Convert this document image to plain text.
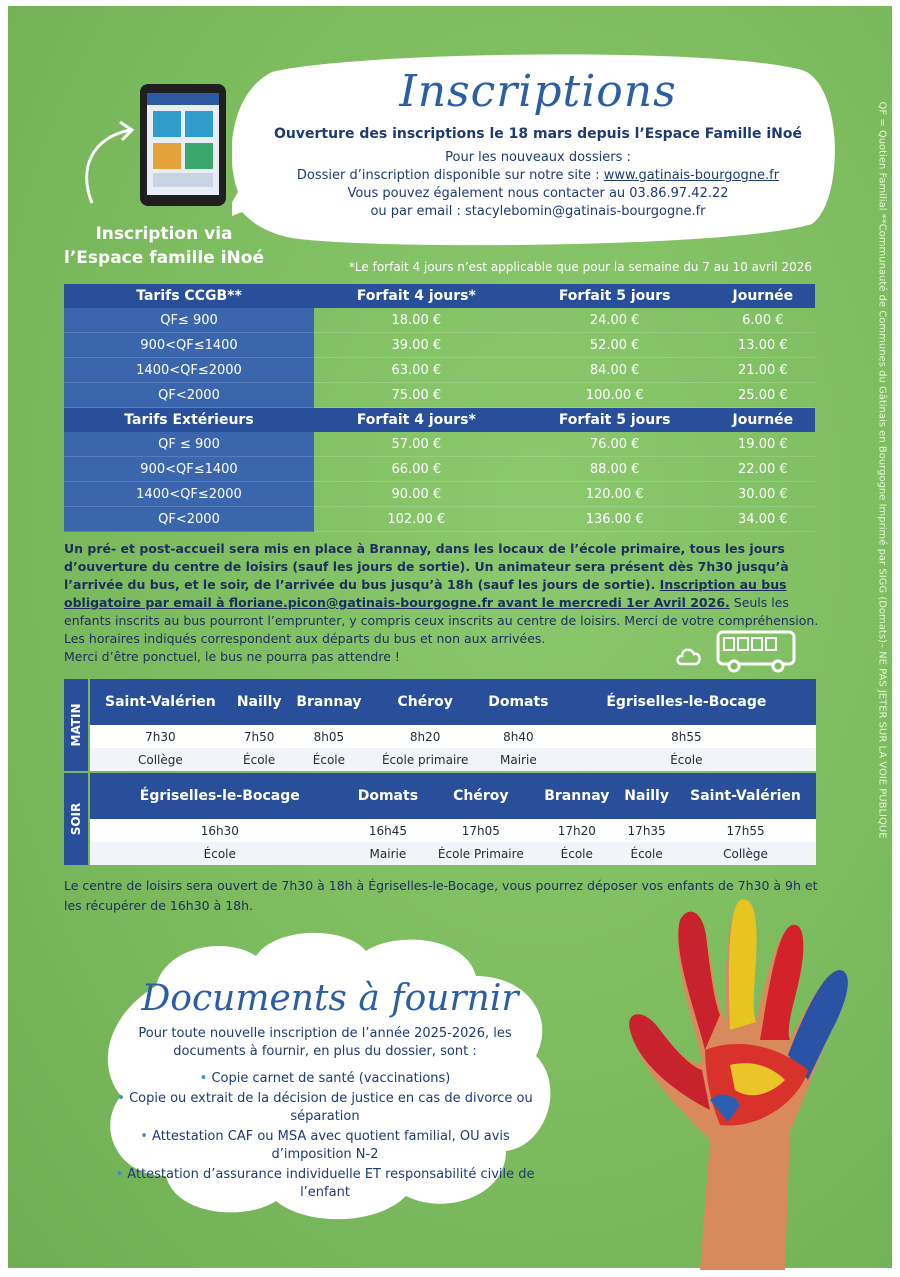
QF = Quotien Familial **Communauté de Communes du Gâtinais en Bourgogne Imprimé par SIGG (Domats)– NE PAS JETER SUR LA VOIE PUBLIQUE
Inscriptions
Ouverture des inscriptions le 18 mars depuis l’Espace Famille iNoé
Pour les nouveaux dossiers :
Dossier d’inscription disponible sur notre site : www.gatinais-bourgogne.fr
Vous pouvez également nous contacter au 03.86.97.42.22
ou par email : stacylebomin@gatinais-bourgogne.fr
Inscription via
l’Espace famille iNoé	*Le forfait 4 jours n’est applicable que pour la semaine du 7 au 10 avril 2026
Tarifs CCGB**	Forfait 4 jours*	Forfait 5 jours	Journée
QF≤ 900	18.00 €	24.00 €	6.00 €
900<QF≤1400	39.00 €	52.00 €	13.00 €
1400<QF≤2000	63.00 €	84.00 €	21.00 €
QF<2000	75.00 €	100.00 €	25.00 €
Tarifs Extérieurs	Forfait 4 jours*	Forfait 5 jours	Journée
QF ≤ 900	57.00 €	76.00 €	19.00 €
900<QF≤1400	66.00 €	88.00 €	22.00 €
1400<QF≤2000	90.00 €	120.00 €	30.00 €
QF<2000	102.00 €	136.00 €	34.00 €
Un pré- et post-accueil sera mis en place à Brannay, dans les locaux de l’école primaire, tous les jours d’ouverture du centre de loisirs (sauf les jours de sortie). Un animateur sera présent dès 7h30 jusqu’à l’arrivée du bus, et le soir, de l’arrivée du bus jusqu’à 18h (sauf les jours de sortie). Inscription au bus obligatoire par email à floriane.picon@gatinais-bourgogne.fr avant le mercredi 1er Avril 2026. Seuls les enfants inscrits au bus pourront l’emprunter, y compris ceux inscrits au centre de loisirs. Merci de votre compréhension.
Les horaires indiqués correspondent aux départs du bus et non aux arrivées.
Merci d’être ponctuel, le bus ne pourra pas attendre !
MATIN
Saint-Valérien	Nailly	Brannay	Chéroy	Domats	Égriselles-le-Bocage
7h30	7h50	8h05	8h20	8h40	8h55
Collège	École	École	École primaire	Mairie	École
SOIR
Égriselles-le-Bocage	Domats	Chéroy	Brannay	Nailly	Saint-Valérien
16h30	16h45	17h05	17h20	17h35	17h55
École	Mairie	École Primaire	École	École	Collège
Le centre de loisirs sera ouvert de 7h30 à 18h à Égriselles-le-Bocage, vous pourrez déposer vos enfants de 7h30 à 9h et les récupérer de 16h30 à 18h.
Documents à fournir
Pour toute nouvelle inscription de l’année 2025-2026, les documents à fournir, en plus du dossier, sont :
• Copie carnet de santé (vaccinations)
• Copie ou extrait de la décision de justice en cas de divorce ou séparation
• Attestation CAF ou MSA avec quotient familial, OU avis d’imposition N-2
• Attestation d’assurance individuelle ET responsabilité civile de l’enfant
